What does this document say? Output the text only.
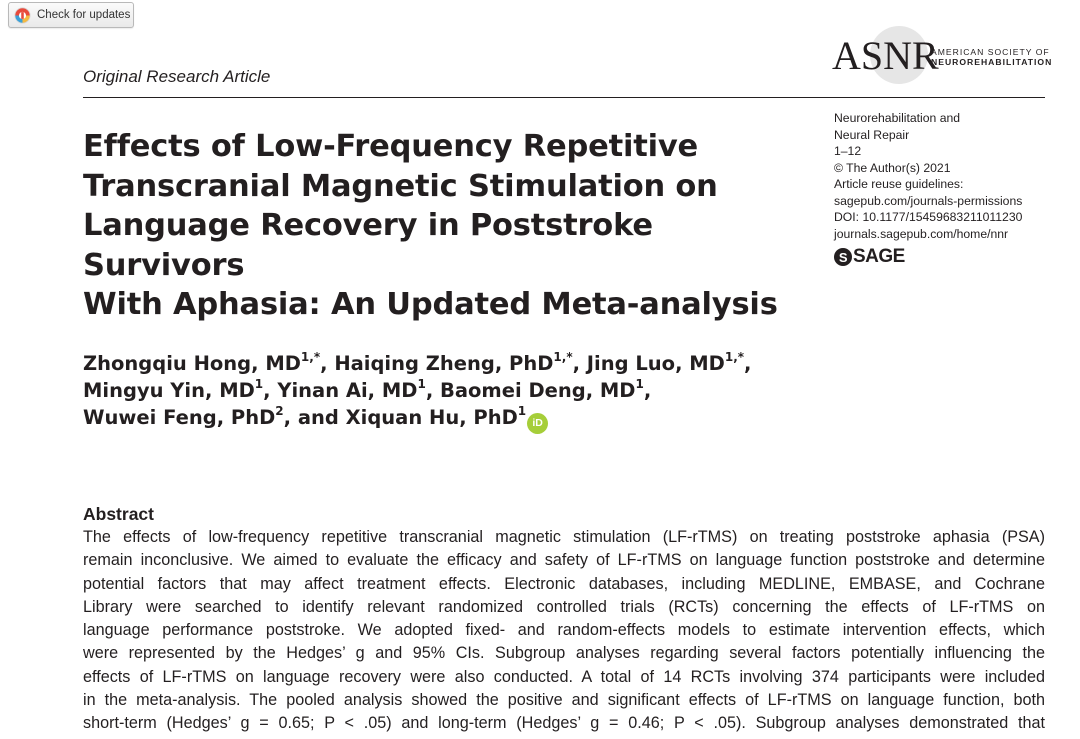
Check for updates
ASNR
AMERICAN SOCIETY OF
NEUROREHABILITATION
Original Research Article
Effects of Low-Frequency Repetitive
Transcranial Magnetic Stimulation on
Language Recovery in Poststroke Survivors
With Aphasia: An Updated Meta-analysis
Neurorehabilitation and
Neural Repair
1–12
© The Author(s) 2021
Article reuse guidelines:
sagepub.com/journals-permissions
DOI: 10.1177/15459683211011230
journals.sagepub.com/home/nnr
S SAGE
Zhongqiu Hong, $MD^{1,*}$, Haiqing Zheng, PhD$^{1,*}$, Jing Luo, $MD^{1,*}$,
Mingyu Yin, $MD^1$, Yinan Ai, $MD^1$, Baomei Deng, $MD^1$,
Wuwei Feng, PhD$^2$, and Xiquan Hu, PhD$^1$iD
Abstract
The effects of low-frequency repetitive transcranial magnetic stimulation (LF-rTMS) on treating poststroke aphasia (PSA)
remain inconclusive. We aimed to evaluate the efficacy and safety of LF-rTMS on language function poststroke and determine
potential factors that may affect treatment effects. Electronic databases, including MEDLINE, EMBASE, and Cochrane
Library were searched to identify relevant randomized controlled trials (RCTs) concerning the effects of LF-rTMS on
language performance poststroke. We adopted fixed- and random-effects models to estimate intervention effects, which
were represented by the Hedges’ g and 95% CIs. Subgroup analyses regarding several factors potentially influencing the
effects of LF-rTMS on language recovery were also conducted. A total of 14 RCTs involving 374 participants were included
in the meta-analysis. The pooled analysis showed the positive and significant effects of LF-rTMS on language function, both
short-term (Hedges’ g = 0.65; P < .05) and long-term (Hedges’ g = 0.46; P < .05). Subgroup analyses demonstrated that
